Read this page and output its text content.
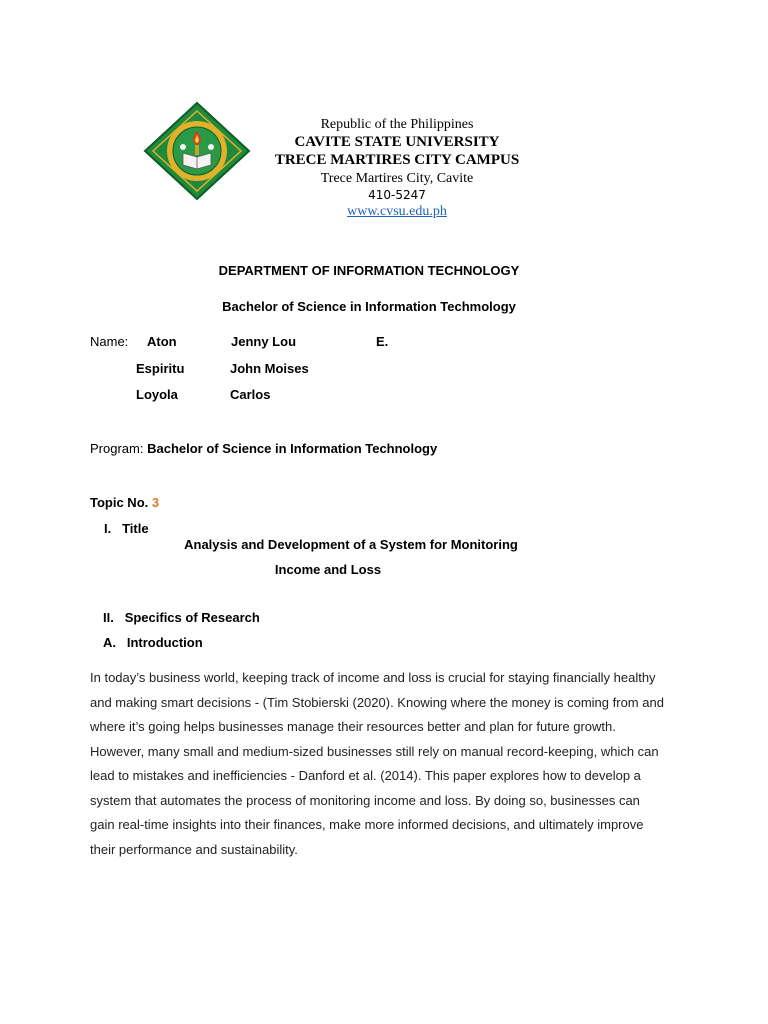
Republic of the Philippines
CAVITE STATE UNIVERSITY
TRECE MARTIRES CITY CAMPUS
Trece Martires City, Cavite
410-5247
www.cvsu.edu.ph
DEPARTMENT OF INFORMATION TECHNOLOGY
Bachelor of Science in Information Techmology
Name: Aton	Jenny Lou	E.
Espiritu	John Moises
Loyola	Carlos
Program: Bachelor of Science in Information Technology
Topic No. 3
I. Title
Analysis and Development of a System for Monitoring
Income and Loss
II. Specifics of Research
A. Introduction
In today’s business world, keeping track of income and loss is crucial for staying financially healthy and making smart decisions - (Tim Stobierski (2020). Knowing where the money is coming from and where it’s going helps businesses manage their resources better and plan for future growth. However, many small and medium-sized businesses still rely on manual record-keeping, which can lead to mistakes and inefficiencies - Danford et al. (2014). This paper explores how to develop a system that automates the process of monitoring income and loss. By doing so, businesses can gain real-time insights into their finances, make more informed decisions, and ultimately improve their performance and sustainability.
